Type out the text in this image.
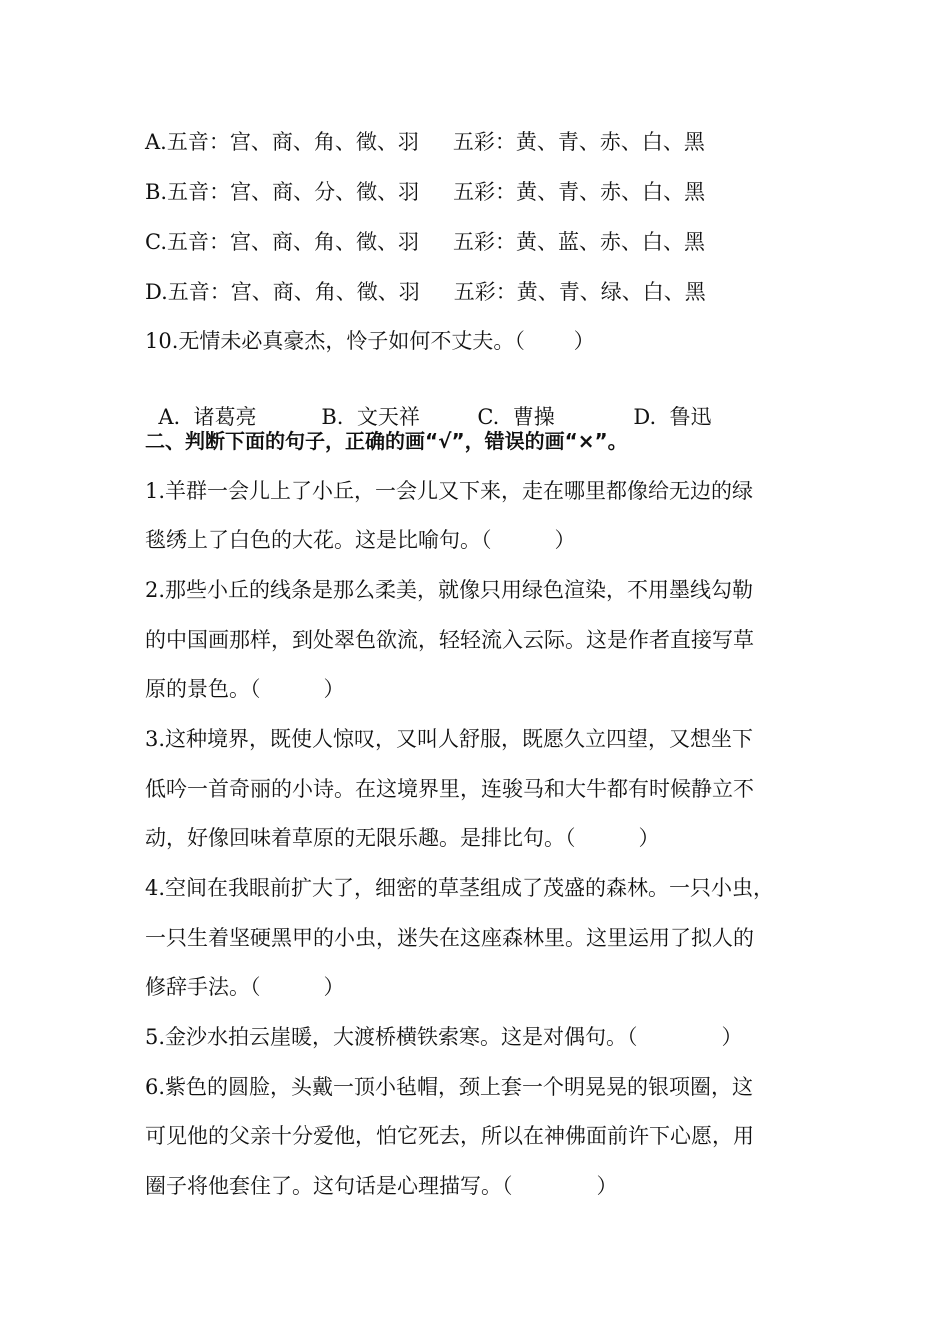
A.五音：宫、商、角、徵、羽 五彩：黄、青、赤、白、黑
B.五音：宫、商、分、徵、羽 五彩：黄、青、赤、白、黑
C.五音：宫、商、角、徵、羽 五彩：黄、蓝、赤、白、黑
D.五音：宫、商、角、徵、羽 五彩：黄、青、绿、白、黑
10.无情未必真豪杰，怜子如何不丈夫。（　　 ）

A.  诸葛亮	B.  文天祥	C.  曹操	D.  鲁迅

二、判断下面的句子，正确的画“√”，错误的画“×”。
1.羊群一会儿上了小丘，一会儿又下来，走在哪里都像给无边的绿
毯绣上了白色的大花。这是比喻句。（　　　）
2.那些小丘的线条是那么柔美，就像只用绿色渲染，不用墨线勾勒
的中国画那样，到处翠色欲流，轻轻流入云际。这是作者直接写草
原的景色。（　　　）
3.这种境界，既使人惊叹，又叫人舒服，既愿久立四望，又想坐下
低吟一首奇丽的小诗。在这境界里，连骏马和大牛都有时候静立不
动，好像回味着草原的无限乐趣。是排比句。（　　　）
4.空间在我眼前扩大了，细密的草茎组成了茂盛的森林。一只小虫，
一只生着坚硬黑甲的小虫，迷失在这座森林里。这里运用了拟人的
修辞手法。（　　　）
5.金沙水拍云崖暖，大渡桥横铁索寒。这是对偶句。（　　　　）
6.紫色的圆脸，头戴一顶小毡帽，颈上套一个明晃晃的银项圈，这
可见他的父亲十分爱他，怕它死去，所以在神佛面前许下心愿，用
圈子将他套住了。这句话是心理描写。（　　　　）
